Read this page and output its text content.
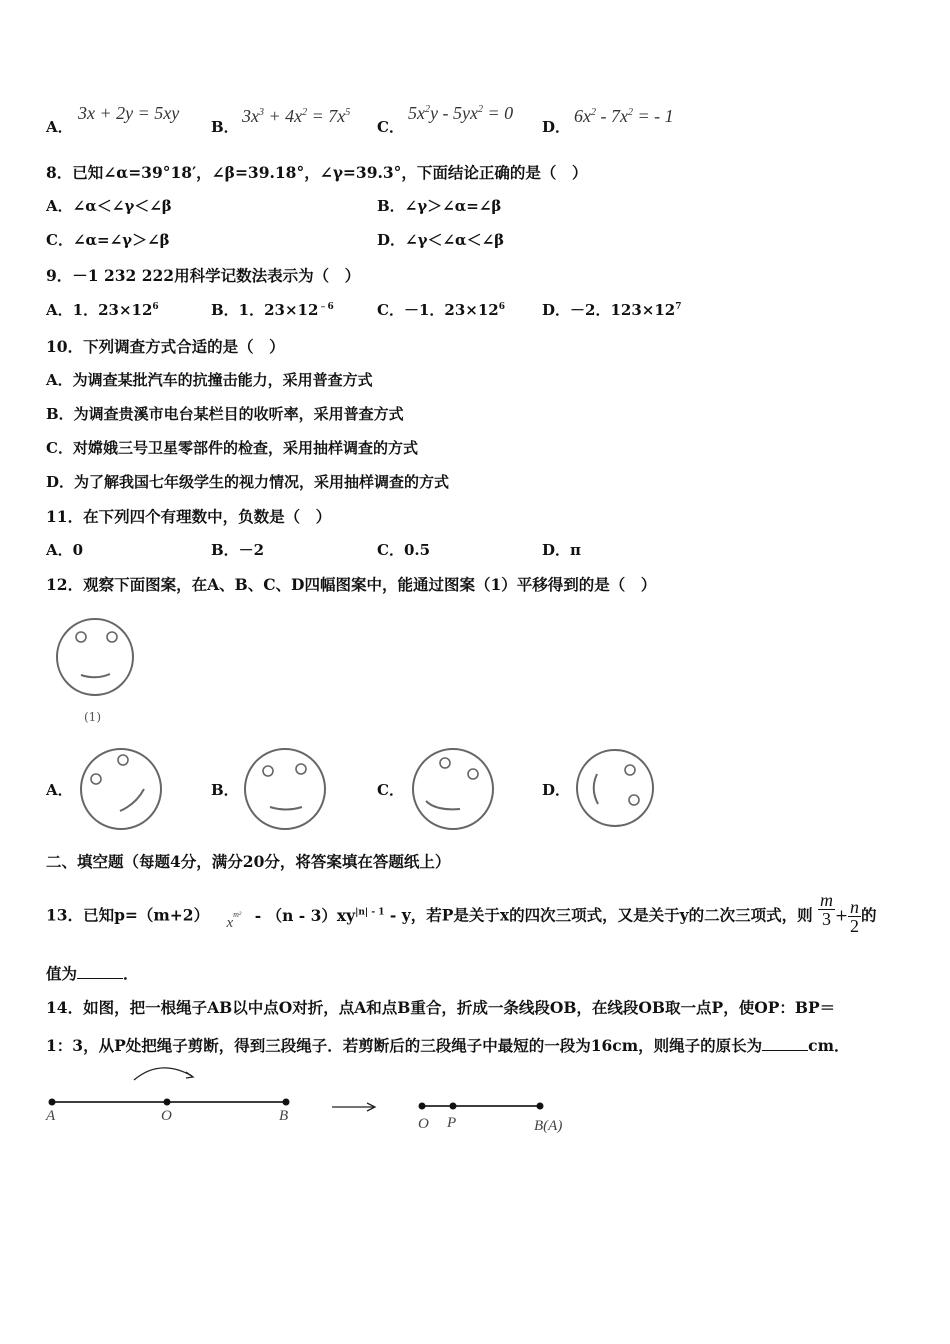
A．
3x + 2y = 5xy
B．
$3x^3 + 4x^2 = 7x^5$
C．
$5x^2y - 5yx^2 = 0$
D．
$6x^2 - 7x^2$ = - 1
8．已知∠α=39°18′，∠β=39.18°，∠γ=39.3°，下面结论正确的是（　）
A．∠α＜∠γ＜∠β	B．∠γ＞∠α=∠β
C．∠α=∠γ＞∠β	D．∠γ＜∠α＜∠β
9．－1 232 222用科学记数法表示为（　）
A．1．$23\times 12^6$	B．1．$23\times 12^{﹣6}$	C．－1．$23\times 12^6$ D．－2．$123\times 12^7$
10．下列调查方式合适的是（　）
A．为调查某批汽车的抗撞击能力，采用普查方式
B．为调查贵溪市电台某栏目的收听率，采用普查方式
C．对嫦娥三号卫星零部件的检查，采用抽样调查的方式
D．为了解我国七年级学生的视力情况，采用抽样调查的方式
11．在下列四个有理数中，负数是（　）
A．0	B．－2	C．0.5	D．π
12．观察下面图案，在A、B、C、D四幅图案中，能通过图案（1）平移得到的是（　）
(1)
A．	B．	C．	D．
二、填空题（每题4分，满分20分，将答案填在答题纸上）
13．已知p=（m+2） $x^{m^2} - (n - 3)xy^{|n| - 1}$ - y，若P是关于x的四次三项式，又是关于y的二次三项式，则 $\frac{m}{3} + \frac{n}{2}$ 的
值为	．
14．如图，把一根绳子AB以中点O对折，点A和点B重合，折成一条线段OB，在线段OB取一点P，使OP：BP＝
1：3，从P处把绳子剪断，得到三段绳子．若剪断后的三段绳子中最短的一段为16cm，则绳子的原长为	cm．
A	O	B	O P	B(A)
